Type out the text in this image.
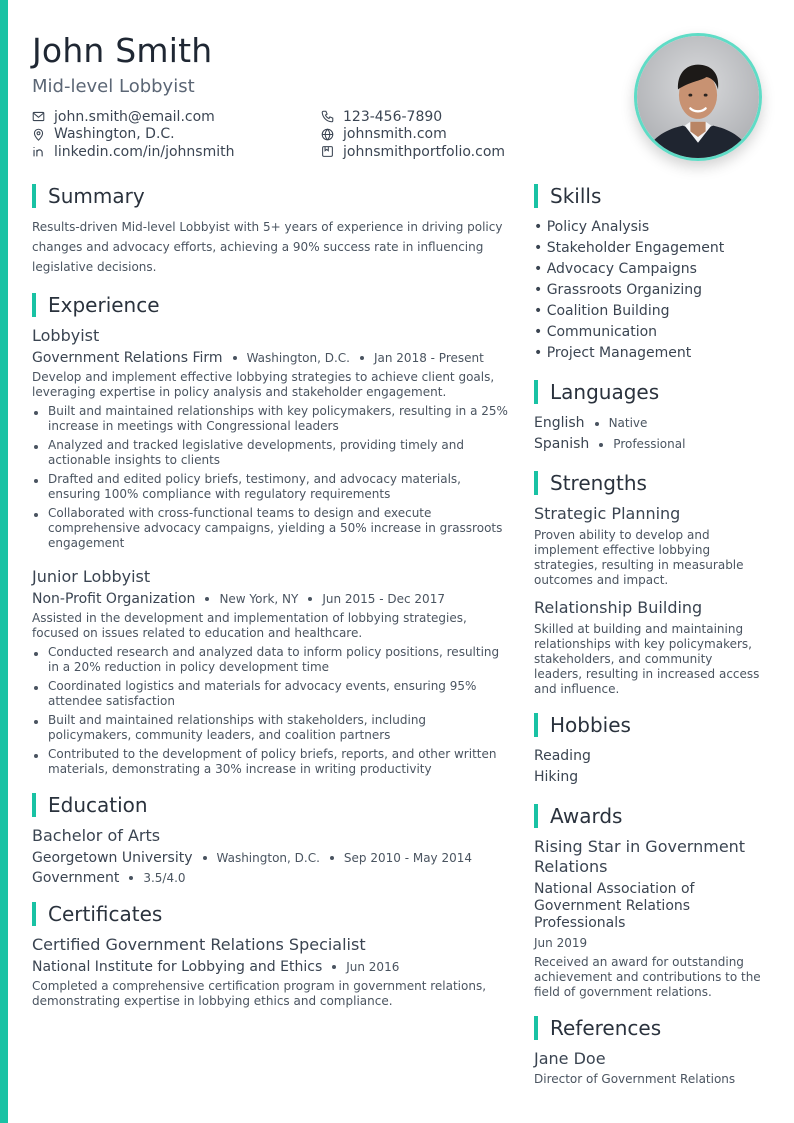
John Smith
Mid-level Lobbyist
john.smith@email.com	123-456-7890
Washington, D.C.	johnsmith.com
linkedin.com/in/johnsmith	johnsmithportfolio.com
Summary

Results-driven Mid-level Lobbyist with 5+ years of experience in driving policy changes and advocacy efforts, achieving a 90% success rate in influencing legislative decisions.

Experience
Lobbyist
Government Relations Firm Washington, D.C. Jan 2018 - Present

Develop and implement effective lobbying strategies to achieve client goals, leveraging expertise in policy analysis and stakeholder engagement.

Built and maintained relationships with key policymakers, resulting in a 25% increase in meetings with Congressional leaders
Analyzed and tracked legislative developments, providing timely and actionable insights to clients
Drafted and edited policy briefs, testimony, and advocacy materials, ensuring 100% compliance with regulatory requirements
Collaborated with cross-functional teams to design and execute comprehensive advocacy campaigns, yielding a 50% increase in grassroots engagement
Junior Lobbyist
Non-Profit Organization New York, NY Jun 2015 - Dec 2017

Assisted in the development and implementation of lobbying strategies, focused on issues related to education and healthcare.

Conducted research and analyzed data to inform policy positions, resulting in a 20% reduction in policy development time
Coordinated logistics and materials for advocacy events, ensuring 95% attendee satisfaction
Built and maintained relationships with stakeholders, including policymakers, community leaders, and coalition partners
Contributed to the development of policy briefs, reports, and other written materials, demonstrating a 30% increase in writing productivity
Education
Bachelor of Arts
Georgetown University Washington, D.C. Sep 2010 - May 2014
Government 3.5/4.0
Certificates
Certified Government Relations Specialist
National Institute for Lobbying and Ethics Jun 2016

Completed a comprehensive certification program in government relations, demonstrating expertise in lobbying ethics and compliance.

Skills
• Policy Analysis
• Stakeholder Engagement
• Advocacy Campaigns
• Grassroots Organizing
• Coalition Building
• Communication
• Project Management
Languages
English Native
Spanish Professional
Strengths
Strategic Planning

Proven ability to develop and implement effective lobbying strategies, resulting in measurable outcomes and impact.

Relationship Building

Skilled at building and maintaining relationships with key policymakers, stakeholders, and community leaders, resulting in increased access and influence.

Hobbies
Reading
Hiking
Awards
Rising Star in Government Relations
National Association of Government Relations Professionals
Jun 2019

Received an award for outstanding achievement and contributions to the field of government relations.

References
Jane Doe
Director of Government Relations
